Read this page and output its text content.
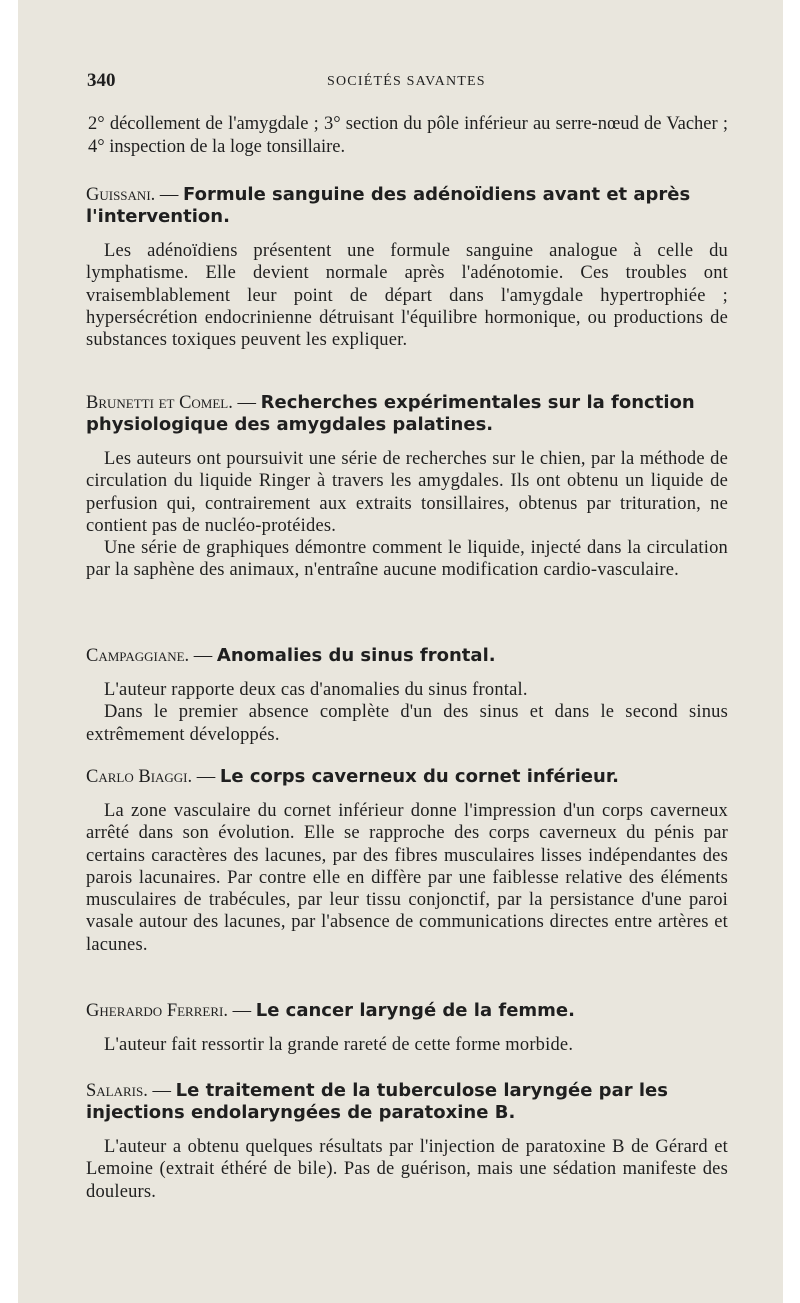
340	SOCIÉTÉS SAVANTES

2° décollement de l'amygdale ; 3° section du pôle inférieur au serre-nœud de Vacher ; 4° inspection de la loge tonsillaire.

Guissani. — Formule sanguine des adénoïdiens avant et après l'intervention.

Les adénoïdiens présentent une formule sanguine analogue à celle du lymphatisme. Elle devient normale après l'adénotomie. Ces troubles ont vraisemblablement leur point de départ dans l'amygdale hypertrophiée ; hypersécrétion endocrinienne détruisant l'équilibre hormonique, ou productions de substances toxiques peuvent les expliquer.

Brunetti et Comel. — Recherches expérimentales sur la fonction physiologique des amygdales palatines.

Les auteurs ont poursuivit une série de recherches sur le chien, par la méthode de circulation du liquide Ringer à travers les amygdales. Ils ont obtenu un liquide de perfusion qui, contrairement aux extraits tonsillaires, obtenus par trituration, ne contient pas de nucléo-protéides.

Une série de graphiques démontre comment le liquide, injecté dans la circulation par la saphène des animaux, n'entraîne aucune modification cardio-vasculaire.

Campaggiane. — Anomalies du sinus frontal.

L'auteur rapporte deux cas d'anomalies du sinus frontal.

Dans le premier absence complète d'un des sinus et dans le second sinus extrêmement développés.

Carlo Biaggi. — Le corps caverneux du cornet inférieur.

La zone vasculaire du cornet inférieur donne l'impression d'un corps caverneux arrêté dans son évolution. Elle se rapproche des corps caverneux du pénis par certains caractères des lacunes, par des fibres musculaires lisses indépendantes des parois lacunaires. Par contre elle en diffère par une faiblesse relative des éléments musculaires de trabécules, par leur tissu conjonctif, par la persistance d'une paroi vasale autour des lacunes, par l'absence de communications directes entre artères et lacunes.

Gherardo Ferreri. — Le cancer laryngé de la femme.

L'auteur fait ressortir la grande rareté de cette forme morbide.

Salaris. — Le traitement de la tuberculose laryngée par les injections endolaryngées de paratoxine B.

L'auteur a obtenu quelques résultats par l'injection de paratoxine B de Gérard et Lemoine (extrait éthéré de bile). Pas de guérison, mais une sédation manifeste des douleurs.
